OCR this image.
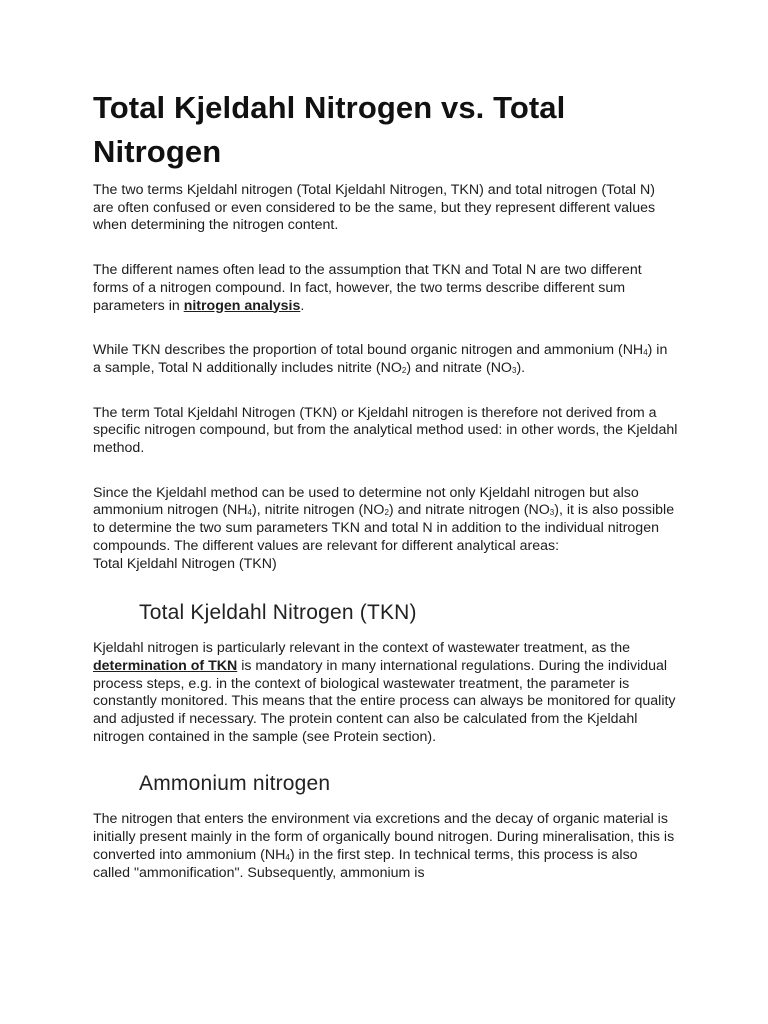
Total Kjeldahl Nitrogen vs. Total Nitrogen

The two terms Kjeldahl nitrogen (Total Kjeldahl Nitrogen, TKN) and total nitrogen (Total N) are often confused or even considered to be the same, but they represent different values when determining the nitrogen content.

The different names often lead to the assumption that TKN and Total N are two different forms of a nitrogen compound. In fact, however, the two terms describe different sum parameters in nitrogen analysis.

While TKN describes the proportion of total bound organic nitrogen and ammonium $(NH_4)$ in a sample, Total N additionally includes nitrite $(NO_2)$ and nitrate $(NO_3)$.

The term Total Kjeldahl Nitrogen (TKN) or Kjeldahl nitrogen is therefore not derived from a specific nitrogen compound, but from the analytical method used: in other words, the Kjeldahl method.

Since the Kjeldahl method can be used to determine not only Kjeldahl nitrogen but also ammonium nitrogen $(NH_4)$, nitrite nitrogen $(NO_2)$ and nitrate nitrogen $(NO_3)$, it is also possible to determine the two sum parameters TKN and total N in addition to the individual nitrogen compounds. The different values are relevant for different analytical areas:

Total Kjeldahl Nitrogen (TKN)

Total Kjeldahl Nitrogen (TKN)

Kjeldahl nitrogen is particularly relevant in the context of wastewater treatment, as the determination of TKN is mandatory in many international regulations. During the individual process steps, e.g. in the context of biological wastewater treatment, the parameter is constantly monitored. This means that the entire process can always be monitored for quality and adjusted if necessary. The protein content can also be calculated from the Kjeldahl nitrogen contained in the sample (see Protein section).

Ammonium nitrogen

The nitrogen that enters the environment via excretions and the decay of organic material is initially present mainly in the form of organically bound nitrogen. During mineralisation, this is converted into ammonium $(NH_4)$ in the first step. In technical terms, this process is also called "ammonification". Subsequently, ammonium is
